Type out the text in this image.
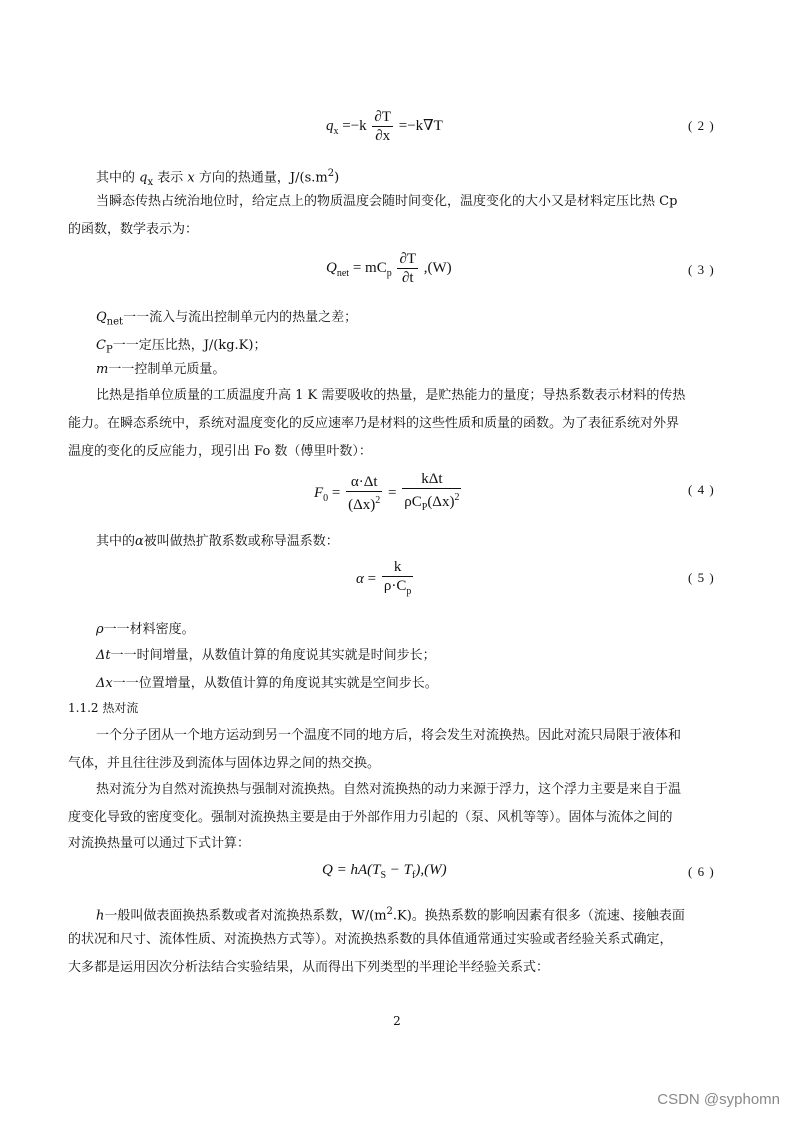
$q_x =-k \frac{\partial T}{\partial x} =-k\nabla T$	( 2 )
其中的 $q_x$ 表示 x 方向的热通量，$J/(s.m^2)$
当瞬态传热占统治地位时，给定点上的物质温度会随时间变化，温度变化的大小又是材料定压比热 Cp
的函数，数学表示为：
$Q_{net} = mC_p \frac{\partial T}{\partial t} ,(W)$	( 3 )
$Q_{net}$一一流入与流出控制单元内的热量之差；
$C_P$一一定压比热，J/(kg.K)；
m一一控制单元质量。
比热是指单位质量的工质温度升高 1 K 需要吸收的热量，是贮热能力的量度；导热系数表示材料的传热
能力。在瞬态系统中，系统对温度变化的反应速率乃是材料的这些性质和质量的函数。为了表征系统对外界
温度的变化的反应能力，现引出 Fo 数（傅里叶数）：
$F_0 = \frac{\alpha\cdot\Delta t}{(\Delta x)^2} = \frac{\text{kΔt}}{\rho C_P(\Delta x)^2}$	( 4 )
其中的α被叫做热扩散系数或称导温系数：
$\alpha = \frac{k}{\rho\cdot C_p}$	( 5 )
ρ一一材料密度。
Δt一一时间增量，从数值计算的角度说其实就是时间步长；
Δx一一位置增量，从数值计算的角度说其实就是空间步长。
1.1.2 热对流
一个分子团从一个地方运动到另一个温度不同的地方后，将会发生对流换热。因此对流只局限于液体和
气体，并且往往涉及到流体与固体边界之间的热交换。
热对流分为自然对流换热与强制对流换热。自然对流换热的动力来源于浮力，这个浮力主要是来自于温
度变化导致的密度变化。强制对流换热主要是由于外部作用力引起的（泵、风机等等）。固体与流体之间的
对流换热量可以通过下式计算：
$Q = hA(T_S - T_f),(W)$	( 6 )
h一般叫做表面换热系数或者对流换热系数，$W/(m^2.K)$。换热系数的影响因素有很多（流速、接触表面
的状况和尺寸、流体性质、对流换热方式等）。对流换热系数的具体值通常通过实验或者经验关系式确定，
大多都是运用因次分析法结合实验结果，从而得出下列类型的半理论半经验关系式：
2
CSDN @syphomn
